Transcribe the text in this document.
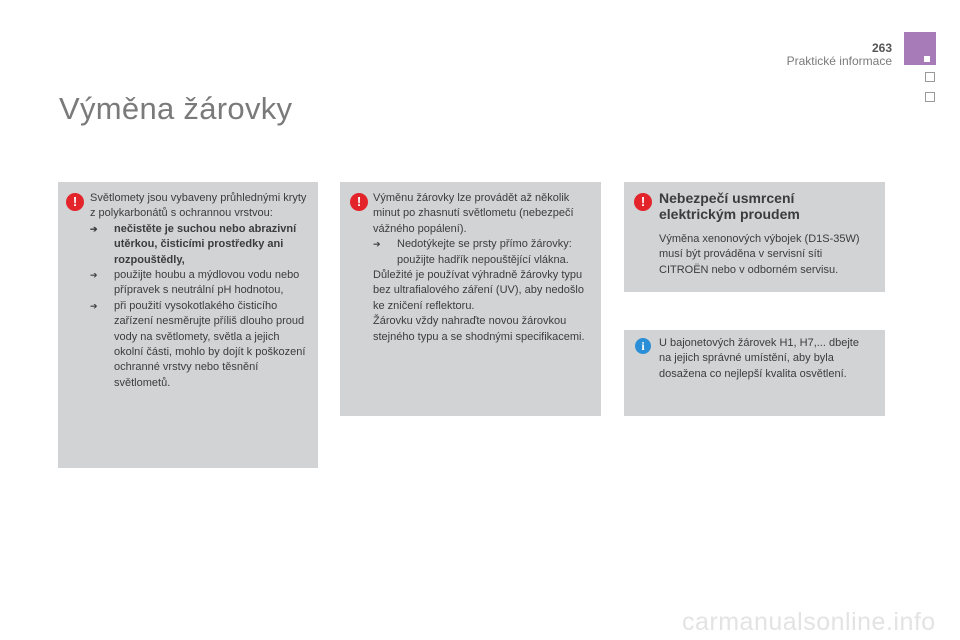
263
Praktické informace
Výměna žárovky
!	Světlomety jsou vybaveny průhlednými kryty z polykarbonátů s ochrannou vrstvou:

➔ nečistěte je suchou nebo abrazivní utěrkou, čisticími prostředky ani rozpouštědly,

➔ použijte houbu a mýdlovou vodu nebo přípravek s neutrální pH hodnotou,

➔ při použití vysokotlakého čisticího zařízení nesměrujte příliš dlouho proud vody na světlomety, světla a jejich okolní části, mohlo by dojít k poškození ochranné vrstvy nebo těsnění světlometů.

!	Výměnu žárovky lze provádět až několik minut po zhasnutí světlometu (nebezpečí vážného popálení).

➔ Nedotýkejte se prsty přímo žárovky: použijte hadřík nepouštějící vlákna.

Důležité je používat výhradně žárovky typu bez ultrafialového záření (UV), aby nedošlo ke zničení reflektoru.

Žárovku vždy nahraďte novou žárovkou stejného typu a se shodnými specifikacemi.

! Nebezpečí usmrcení elektrickým proudem

Výměna xenonových výbojek (D1S-35W) musí být prováděna v servisní síti CITROËN nebo v odborném servisu.

i	U bajonetových žárovek H1, H7,... dbejte na jejich správné umístění, aby byla dosažena co nejlepší kvalita osvětlení.

carmanualsonline.info
